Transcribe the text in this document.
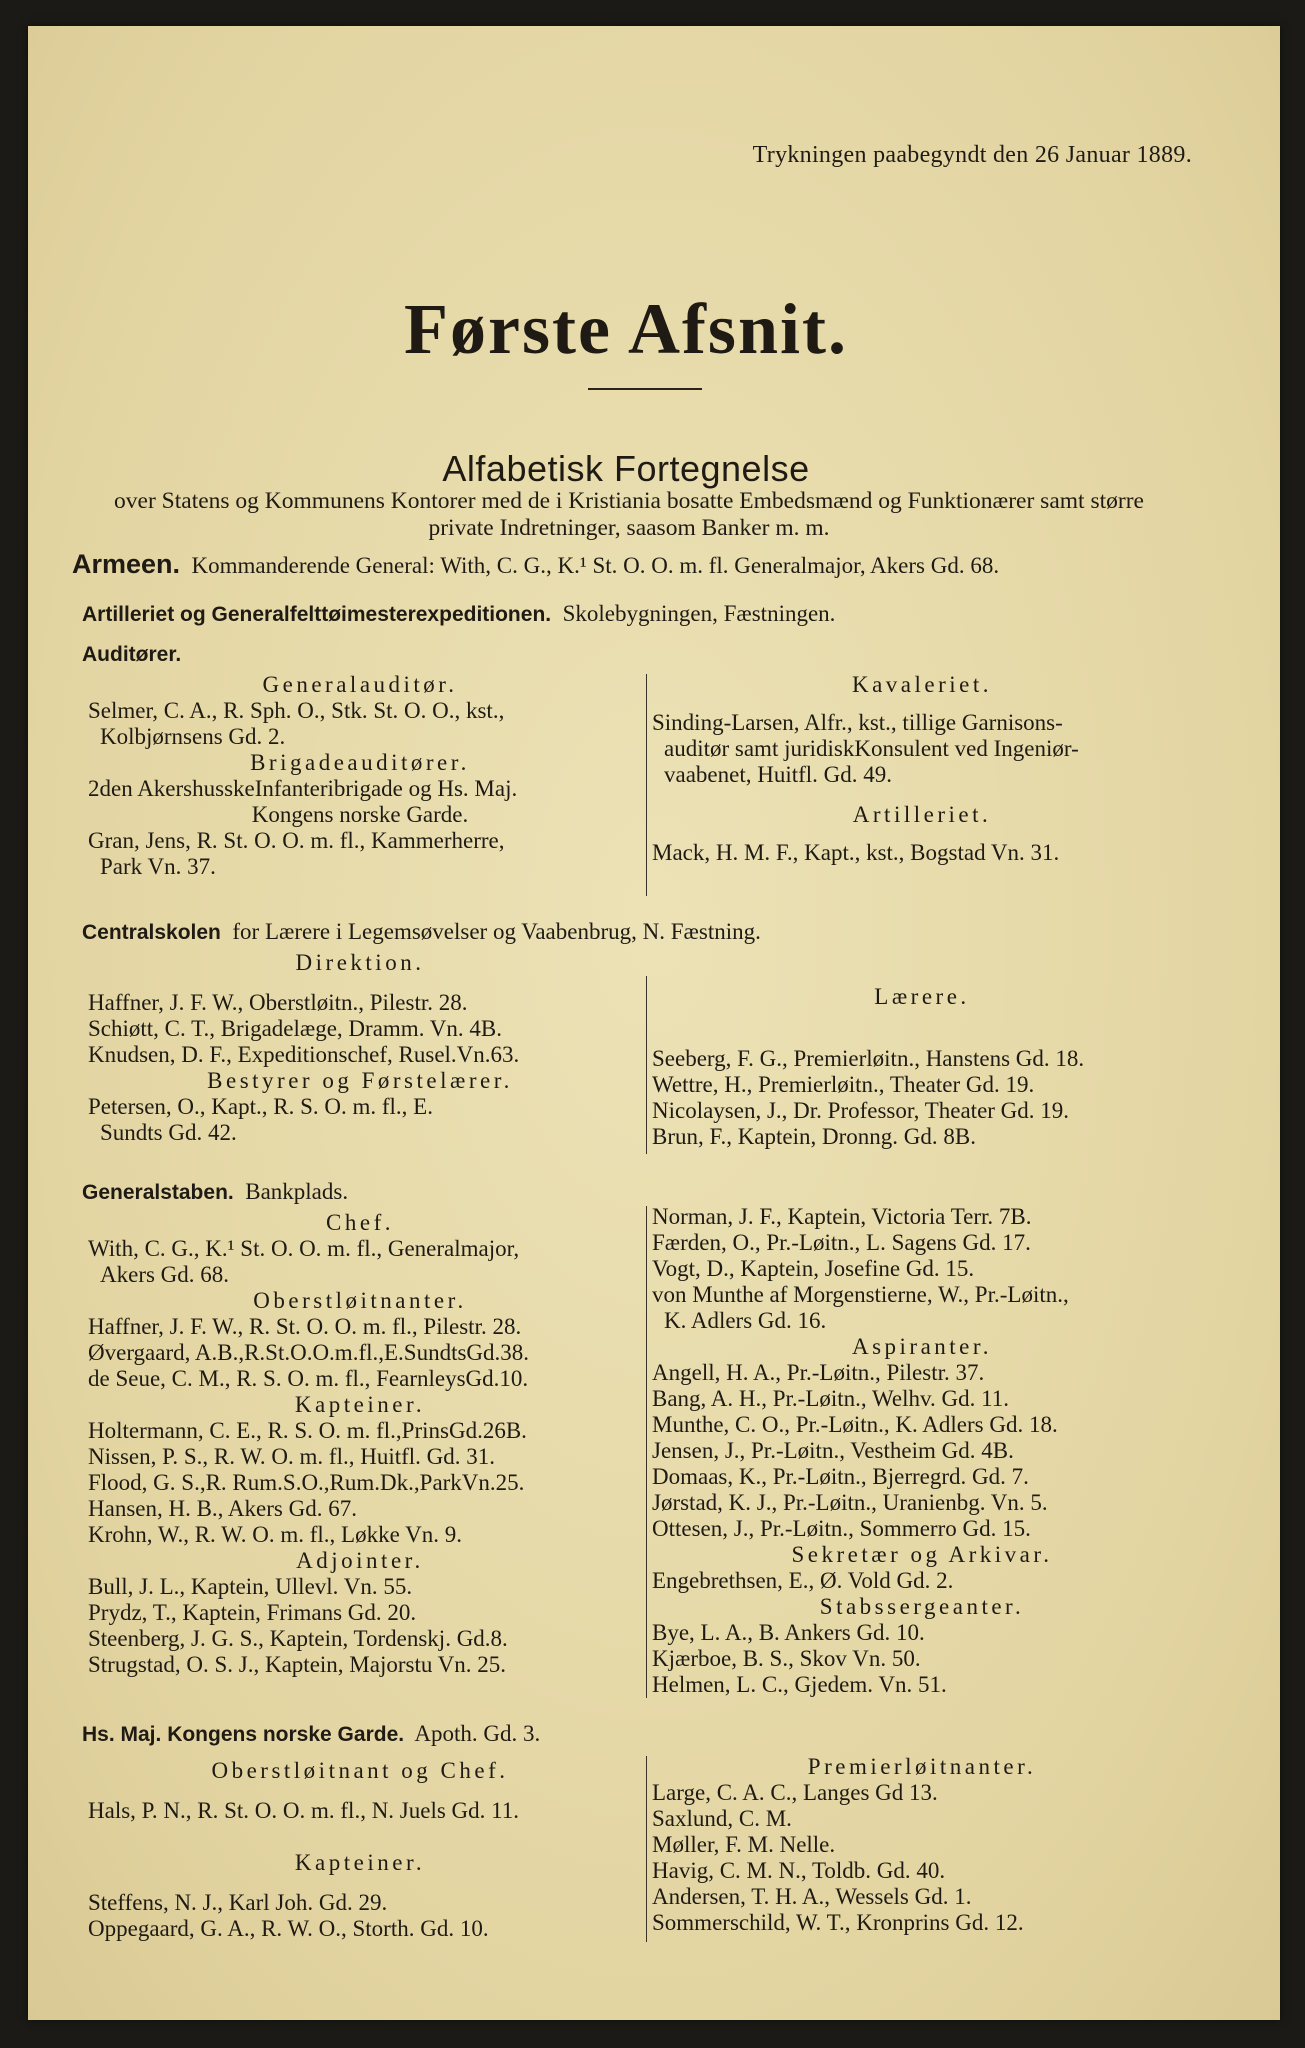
Trykningen paabegyndt den 26 Januar 1889.
Første Afsnit.
Alfabetisk Fortegnelse
over Statens og Kommunens Kontorer med de i Kristiania bosatte Embedsmænd og Funktionærer samt større private Indretninger, saasom Banker m. m.
Armeen. Kommanderende General: With, C. G., K.¹ St. O. O. m. fl. Generalmajor, Akers Gd. 68.
Artilleriet og Generalfelttøimesterexpeditionen. Skolebygningen, Fæstningen.
Auditører.
Generalauditør.
Selmer, C. A., R. Sph. O., Stk. St. O. O., kst.,
Kolbjørnsens Gd. 2.
Brigadeauditører.
2den AkershusskeInfanteribrigade og Hs. Maj.
Kongens norske Garde.
Gran, Jens, R. St. O. O. m. fl., Kammerherre,
Park Vn. 37.
Kavaleriet.
Sinding-Larsen, Alfr., kst., tillige Garnisons-
auditør samt juridiskKonsulent ved Ingeniør-
vaabenet, Huitfl. Gd. 49.
Artilleriet.
Mack, H. M. F., Kapt., kst., Bogstad Vn. 31.
Centralskolen for Lærere i Legemsøvelser og Vaabenbrug, N. Fæstning.
Direktion.
Haffner, J. F. W., Oberstløitn., Pilestr. 28.
Schiøtt, C. T., Brigadelæge, Dramm. Vn. 4B.
Knudsen, D. F., Expeditionschef, Rusel.Vn.63.
Bestyrer og Førstelærer.
Petersen, O., Kapt., R. S. O. m. fl., E.
Sundts Gd. 42.
Lærere.
Seeberg, F. G., Premierløitn., Hanstens Gd. 18.
Wettre, H., Premierløitn., Theater Gd. 19.
Nicolaysen, J., Dr. Professor, Theater Gd. 19.
Brun, F., Kaptein, Dronng. Gd. 8B.
Generalstaben. Bankplads.
Chef.
With, C. G., K.¹ St. O. O. m. fl., Generalmajor,
Akers Gd. 68.
Oberstløitnanter.
Haffner, J. F. W., R. St. O. O. m. fl., Pilestr. 28.
Øvergaard, A.B.,R.St.O.O.m.fl.,E.SundtsGd.38.
de Seue, C. M., R. S. O. m. fl., FearnleysGd.10.
Kapteiner.
Holtermann, C. E., R. S. O. m. fl.,PrinsGd.26B.
Nissen, P. S., R. W. O. m. fl., Huitfl. Gd. 31.
Flood, G. S.,R. Rum.S.O.,Rum.Dk.,ParkVn.25.
Hansen, H. B., Akers Gd. 67.
Krohn, W., R. W. O. m. fl., Løkke Vn. 9.
Adjointer.
Bull, J. L., Kaptein, Ullevl. Vn. 55.
Prydz, T., Kaptein, Frimans Gd. 20.
Steenberg, J. G. S., Kaptein, Tordenskj. Gd.8.
Strugstad, O. S. J., Kaptein, Majorstu Vn. 25.
Norman, J. F., Kaptein, Victoria Terr. 7B.
Færden, O., Pr.-Løitn., L. Sagens Gd. 17.
Vogt, D., Kaptein, Josefine Gd. 15.
von Munthe af Morgenstierne, W., Pr.-Løitn.,
K. Adlers Gd. 16.
Aspiranter.
Angell, H. A., Pr.-Løitn., Pilestr. 37.
Bang, A. H., Pr.-Løitn., Welhv. Gd. 11.
Munthe, C. O., Pr.-Løitn., K. Adlers Gd. 18.
Jensen, J., Pr.-Løitn., Vestheim Gd. 4B.
Domaas, K., Pr.-Løitn., Bjerregrd. Gd. 7.
Jørstad, K. J., Pr.-Løitn., Uranienbg. Vn. 5.
Ottesen, J., Pr.-Løitn., Sommerro Gd. 15.
Sekretær og Arkivar.
Engebrethsen, E., Ø. Vold Gd. 2.
Stabssergeanter.
Bye, L. A., B. Ankers Gd. 10.
Kjærboe, B. S., Skov Vn. 50.
Helmen, L. C., Gjedem. Vn. 51.
Hs. Maj. Kongens norske Garde. Apoth. Gd. 3.
Oberstløitnant og Chef.
Hals, P. N., R. St. O. O. m. fl., N. Juels Gd. 11.
Kapteiner.
Steffens, N. J., Karl Joh. Gd. 29.
Oppegaard, G. A., R. W. O., Storth. Gd. 10.
Premierløitnanter.
Large, C. A. C., Langes Gd 13.
Saxlund, C. M.
Møller, F. M. Nelle.
Havig, C. M. N., Toldb. Gd. 40.
Andersen, T. H. A., Wessels Gd. 1.
Sommerschild, W. T., Kronprins Gd. 12.
